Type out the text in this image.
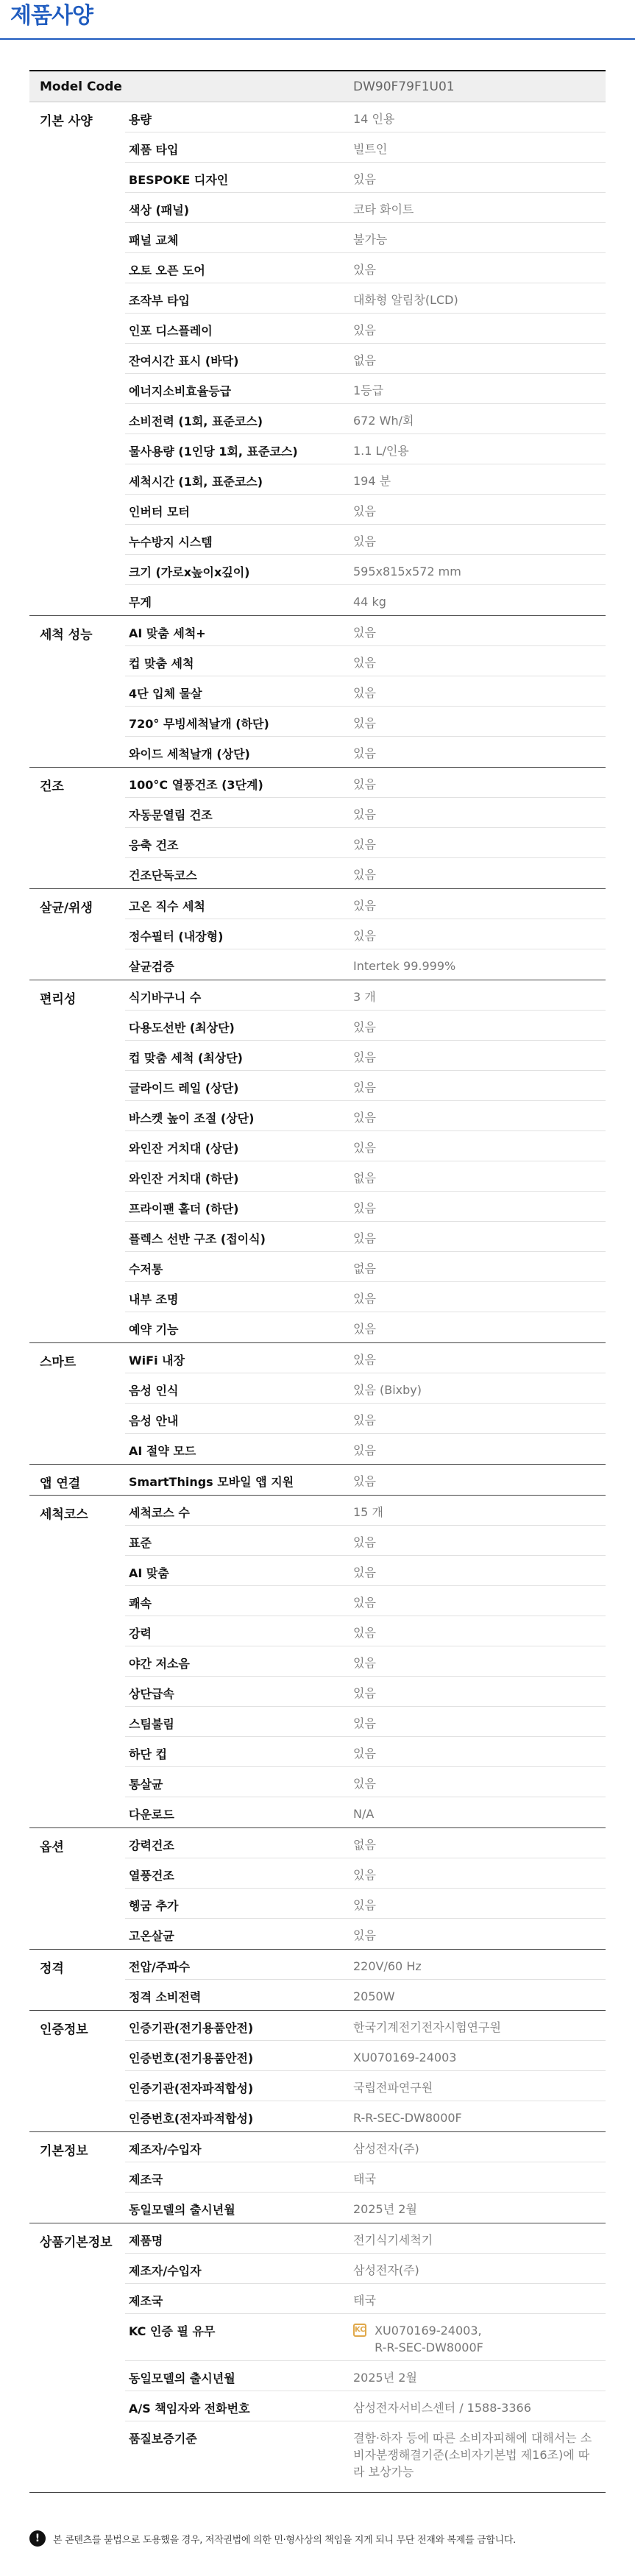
제품사양
Model Code	DW90F79F1U01
기본 사양	용량	14 인용
제품 타입	빌트인
BESPOKE 디자인	있음
색상 (패널)	코타 화이트
패널 교체	불가능
오토 오픈 도어	있음
조작부 타입	대화형 알림창(LCD)
인포 디스플레이	있음
잔여시간 표시 (바닥)	없음
에너지소비효율등급	1등급
소비전력 (1회, 표준코스)	672 Wh/회
물사용량 (1인당 1회, 표준코스)	1.1 L/인용
세척시간 (1회, 표준코스)	194 분
인버터 모터	있음
누수방지 시스템	있음
크기 (가로x높이x깊이)	595x815x572 mm
무게	44 kg
세척 성능	AI 맞춤 세척+	있음
컵 맞춤 세척	있음
4단 입체 물살	있음
720° 무빙세척날개 (하단)	있음
와이드 세척날개 (상단)	있음
건조	100°C 열풍건조 (3단계)	있음
자동문열림 건조	있음
응축 건조	있음
건조단독코스	있음
살균/위생	고온 직수 세척	있음
정수필터 (내장형)	있음
살균검증	Intertek 99.999%
편리성	식기바구니 수	3 개
다용도선반 (최상단)	있음
컵 맞춤 세척 (최상단)	있음
글라이드 레일 (상단)	있음
바스켓 높이 조절 (상단)	있음
와인잔 거치대 (상단)	있음
와인잔 거치대 (하단)	없음
프라이팬 홀더 (하단)	있음
플렉스 선반 구조 (접이식)	있음
수저통	없음
내부 조명	있음
예약 기능	있음
스마트	WiFi 내장	있음
음성 인식	있음 (Bixby)
음성 안내	있음
AI 절약 모드	있음
앱 연결	SmartThings 모바일 앱 지원	있음
세척코스	세척코스 수	15 개
표준	있음
AI 맞춤	있음
쾌속	있음
강력	있음
야간 저소음	있음
상단급속	있음
스팀불림	있음
하단 컵	있음
통살균	있음
다운로드	N/A
옵션	강력건조	없음
열풍건조	있음
헹굼 추가	있음
고온살균	있음
정격	전압/주파수	220V/60 Hz
정격 소비전력	2050W
인증정보	인증기관(전기용품안전)	한국기계전기전자시험연구원
인증번호(전기용품안전)	XU070169-24003
인증기관(전자파적합성)	국립전파연구원
인증번호(전자파적합성)	R-R-SEC-DW8000F
기본정보	제조자/수입자	삼성전자(주)
제조국	태국
동일모델의 출시년월	2025년 2월
상품기본정보	제품명	전기식기세척기
제조자/수입자	삼성전자(주)
제조국	태국
KC 인증 필 유무	KC XU070169-24003,
R-R-SEC-DW8000F
동일모델의 출시년월	2025년 2월
A/S 책임자와 전화번호	삼성전자서비스센터 / 1588-3366
품질보증기준	결함·하자 등에 따른 소비자피해에 대해서는 소비자분쟁해결기준(소비자기본법 제16조)에 따라 보상가능
!	본 콘텐츠를 불법으로 도용했을 경우, 저작권법에 의한 민·형사상의 책임을 지게 되니 무단 전재와 복제를 금합니다.
